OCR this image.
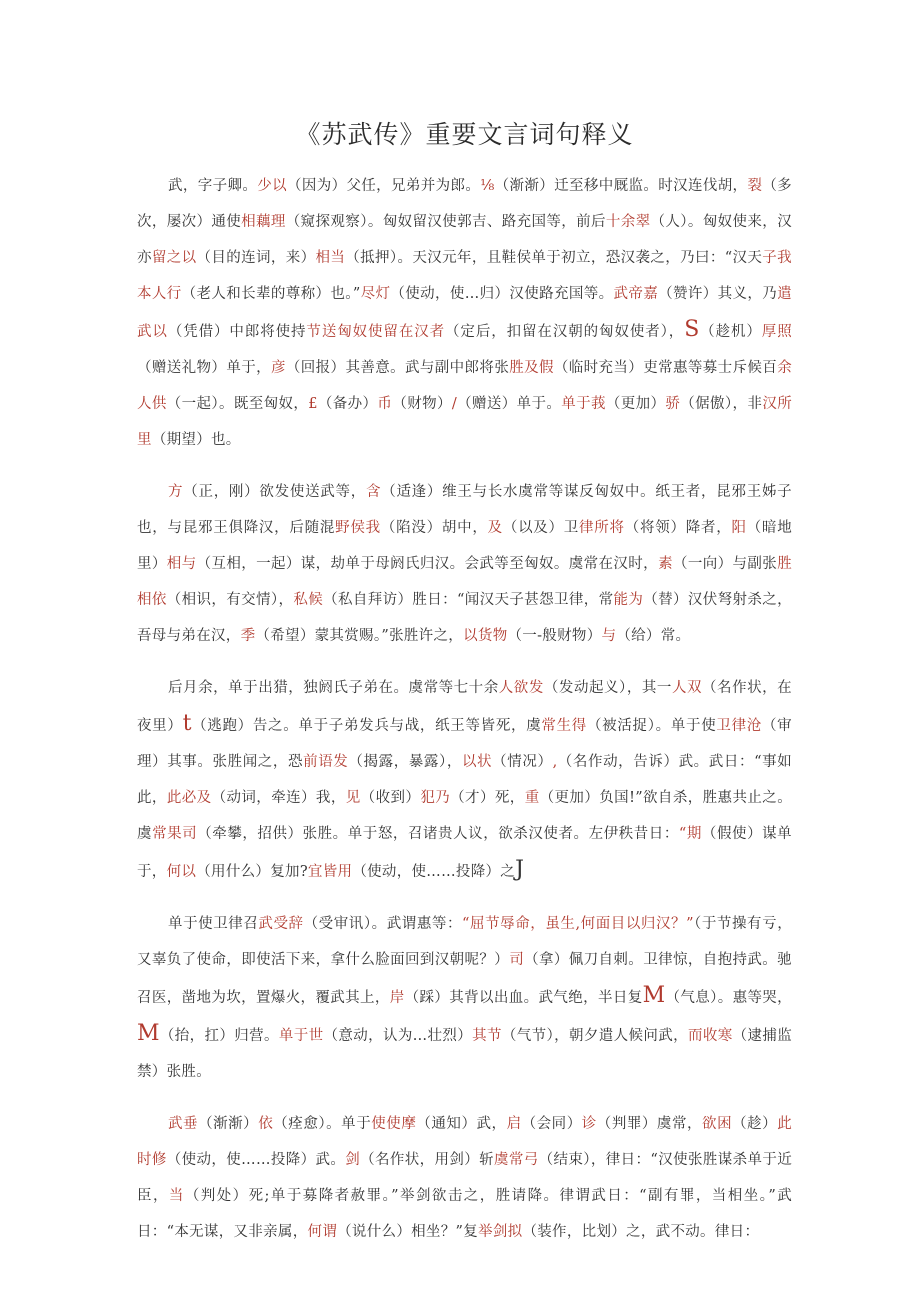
《苏武传》重要文言词句释义

武，字子卿。少以（因为）父任，兄弟并为郎。⅛（渐渐）迁至移中厩监。时汉连伐胡，裂（多次，屡次）通使相藕理（窥探观察）。匈奴留汉使郭吉、路充国等，前后十余翠（人）。匈奴使来，汉亦留之以（目的连词，来）相当（抵押）。天汉元年，且鞋侯单于初立，恐汉袭之，乃曰：“汉天子我本人行（老人和长辈的尊称）也。”尽灯（使动，使…归）汉使路充国等。武帝嘉（赞许）其义，乃遣武以（凭借）中郎将使持节送匈奴使留在汉者（定后，扣留在汉朝的匈奴使者），S（趁机）厚照（赠送礼物）单于，彦（回报）其善意。武与副中郎将张胜及假（临时充当）吏常惠等募士斥候百余人供（一起）。既至匈奴，£（备办）币（财物）/（赠送）单于。单于莪（更加）骄（倨傲），非汉所里（期望）也。

方（正，刚）欲发使送武等，含（适逢）维王与长水虞常等谋反匈奴中。纸王者，昆邪王姊子也，与昆邪王俱降汉，后随混野侯我（陷没）胡中，及（以及）卫律所将（将领）降者，阳（暗地里）相与（互相，一起）谋，劫单于母阏氏归汉。会武等至匈奴。虞常在汉时，素（一向）与副张胜相依（相识，有交情），私候（私自拜访）胜日：“闻汉天子甚怨卫律，常能为（替）汉伏弩射杀之，吾母与弟在汉，季（希望）蒙其赏赐。”张胜许之，以货物（一-般财物）与（给）常。

后月余，单于出猎，独阏氏子弟在。虞常等七十余人欲发（发动起义），其一人双（名作状，在夜里）t（逃跑）告之。单于子弟发兵与战，纸王等皆死，虞常生得（被活捉）。单于使卫律沧（审理）其事。张胜闻之，恐前语发（揭露，暴露），以状（情况）,（名作动，告诉）武。武日：“事如此，此必及（动词，牵连）我，见（收到）犯乃（才）死，重（更加）负国!”欲自杀，胜惠共止之。虞常果司（牵攀，招供）张胜。单于怒，召诸贵人议，欲杀汉使者。左伊秩昔日：“期（假使）谋单于，何以（用什么）复加?宜皆用（使动，使……投降）之J

单于使卫律召武受辞（受审讯）。武谓惠等：“屈节辱命，虽生,何面目以归汉？”（于节操有亏，又辜负了使命，即使活下来，拿什么脸面回到汉朝呢？）司（拿）佩刀自刺。卫律惊，自抱持武。驰召医，凿地为坎，置爆火，覆武其上，岸（踩）其背以出血。武气绝，半日复M（气息）。惠等哭，M（抬，扛）归营。单于世（意动，认为…壮烈）其节（气节），朝夕遣人候问武，而收寒（逮捕监禁）张胜。

武垂（渐渐）依（痊愈）。单于使使摩（通知）武，启（会同）诊（判罪）虞常，欲困（趁）此时修（使动，使……投降）武。剑（名作状，用剑）斩虞常弓（结束），律日：“汉使张胜谋杀单于近臣，当（判处）死;单于募降者赦罪。”举剑欲击之，胜请降。律谓武日：“副有罪，当相坐。”武日：“本无谋，又非亲属，何谓（说什么）相坐？”复举剑拟（装作，比划）之，武不动。律日：
